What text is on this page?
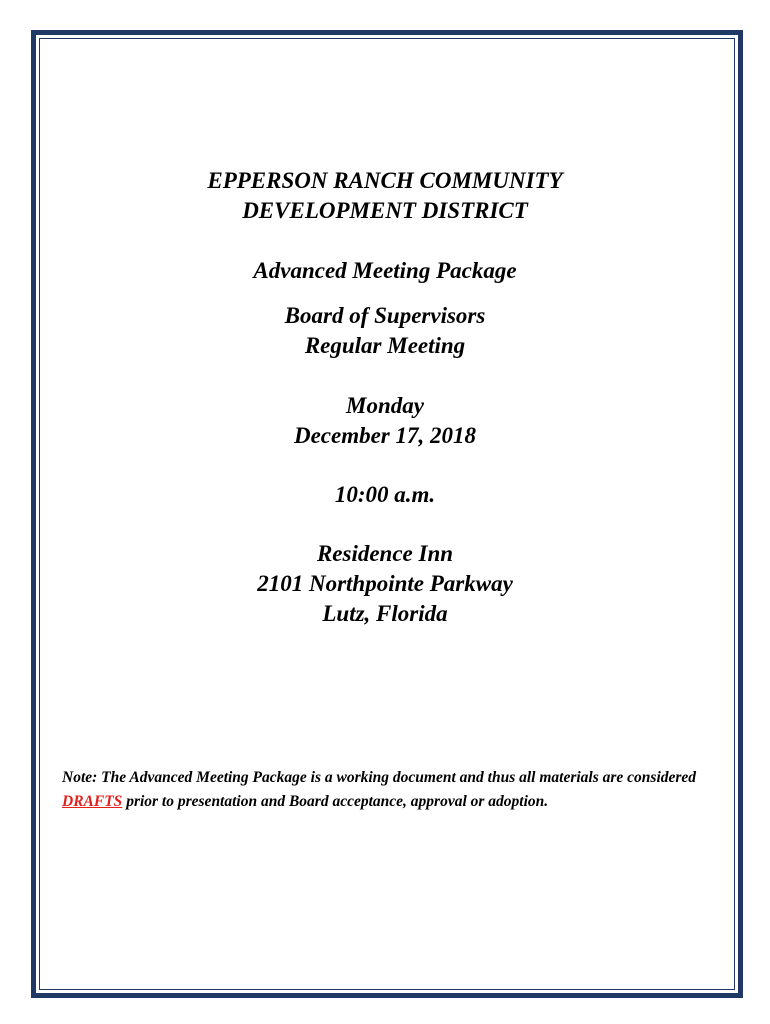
EPPERSON RANCH COMMUNITY
DEVELOPMENT DISTRICT
Advanced Meeting Package
Board of Supervisors
Regular Meeting
Monday
December 17, 2018
10:00 a.m.
Residence Inn
2101 Northpointe Parkway
Lutz, Florida
Note: The Advanced Meeting Package is a working document and thus all materials are considered DRAFTS prior to presentation and Board acceptance, approval or adoption.
